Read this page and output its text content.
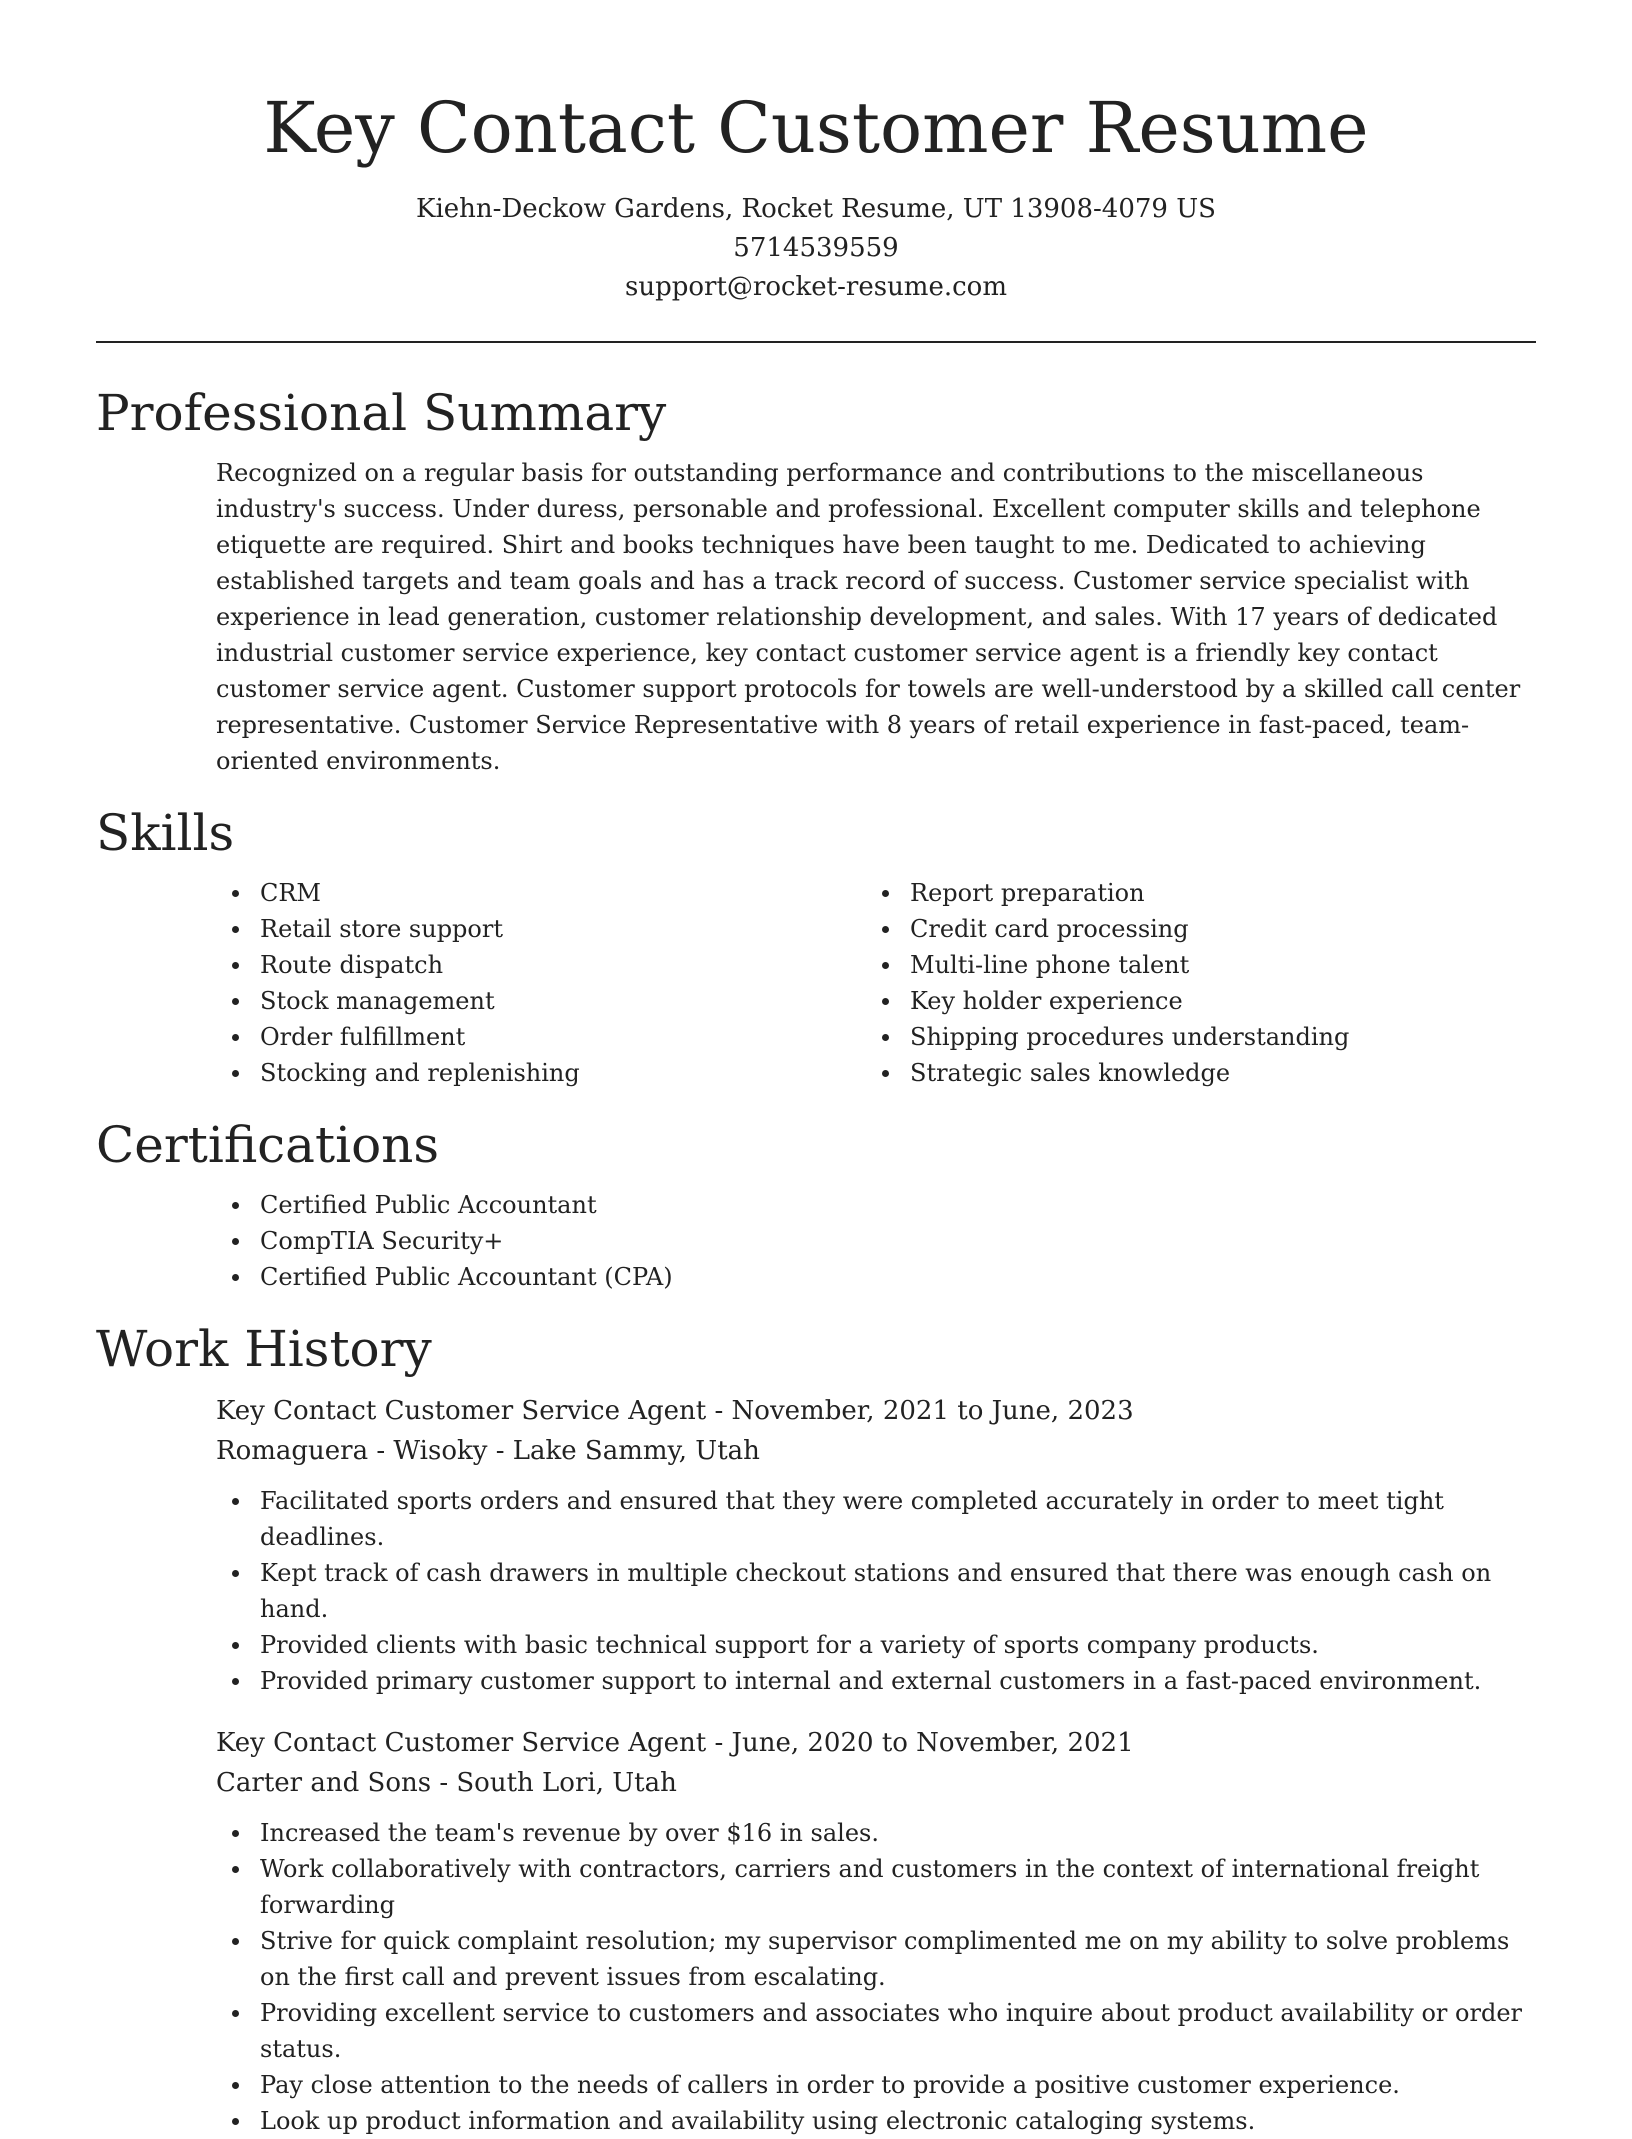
Key Contact Customer Resume
Kiehn-Deckow Gardens, Rocket Resume, UT 13908-4079 US
5714539559
support@rocket-resume.com
Professional Summary
Recognized on a regular basis for outstanding performance and contributions to the miscellaneous industry's success. Under duress, personable and professional. Excellent computer skills and telephone etiquette are required. Shirt and books techniques have been taught to me. Dedicated to achieving established targets and team goals and has a track record of success. Customer service specialist with experience in lead generation, customer relationship development, and sales. With 17 years of dedicated industrial customer service experience, key contact customer service agent is a friendly key contact customer service agent. Customer support protocols for towels are well-understood by a skilled call center representative. Customer Service Representative with 8 years of retail experience in fast-paced, team-oriented environments.
Skills
CRM
Retail store support
Route dispatch
Stock management
Order fulfillment
Stocking and replenishing
Report preparation
Credit card processing
Multi-line phone talent
Key holder experience
Shipping procedures understanding
Strategic sales knowledge
Certifications
Certified Public Accountant
CompTIA Security+
Certified Public Accountant (CPA)
Work History
Key Contact Customer Service Agent - November, 2021 to June, 2023
Romaguera - Wisoky - Lake Sammy, Utah
Facilitated sports orders and ensured that they were completed accurately in order to meet tight deadlines.
Kept track of cash drawers in multiple checkout stations and ensured that there was enough cash on hand.
Provided clients with basic technical support for a variety of sports company products.
Provided primary customer support to internal and external customers in a fast-paced environment.
Key Contact Customer Service Agent - June, 2020 to November, 2021
Carter and Sons - South Lori, Utah
Increased the team's revenue by over $16 in sales.
Work collaboratively with contractors, carriers and customers in the context of international freight forwarding
Strive for quick complaint resolution; my supervisor complimented me on my ability to solve problems on the first call and prevent issues from escalating.
Providing excellent service to customers and associates who inquire about product availability or order status.
Pay close attention to the needs of callers in order to provide a positive customer experience.
Look up product information and availability using electronic cataloging systems.
